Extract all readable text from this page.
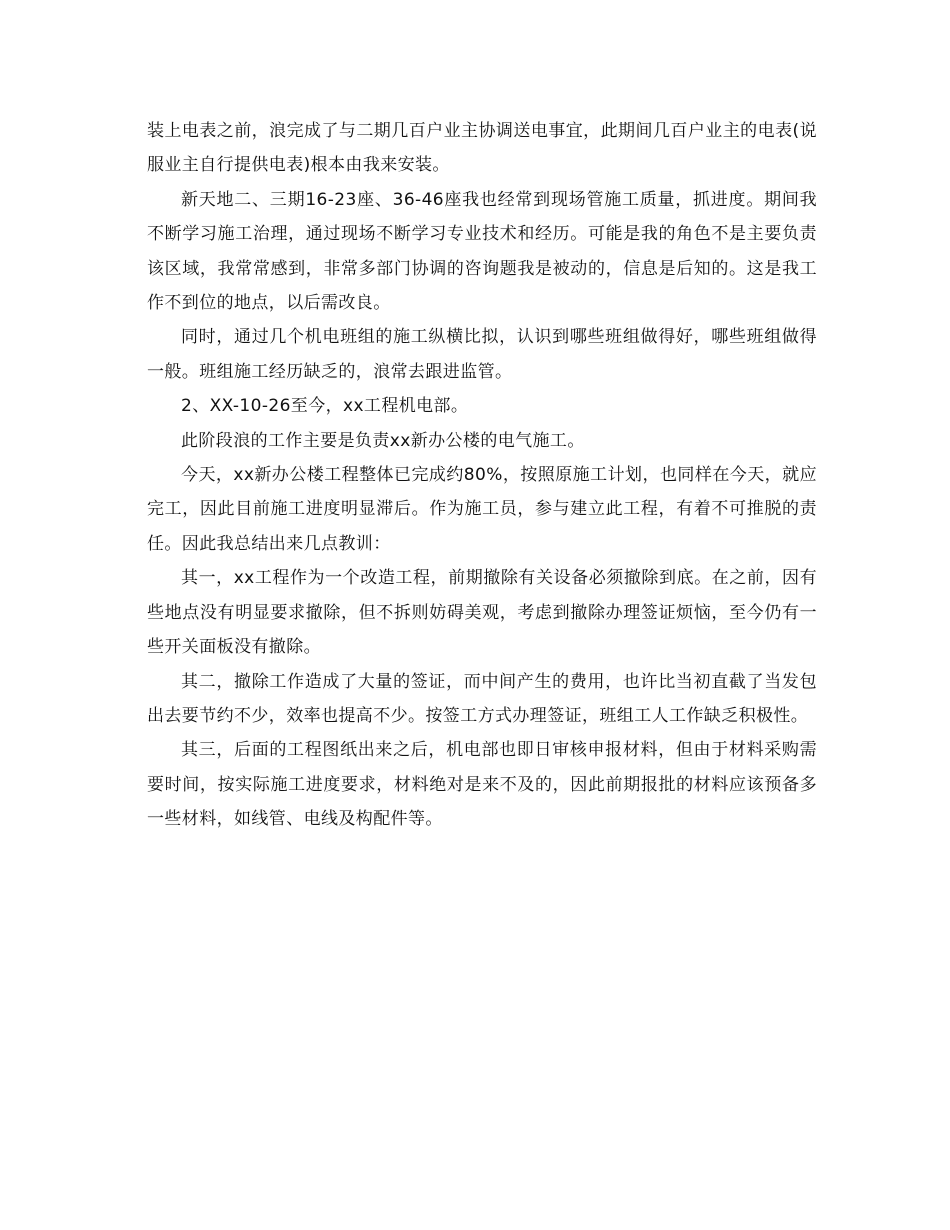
装上电表之前，浪完成了与二期几百户业主协调送电事宜，此期间几百户业主的电表(说服业主自行提供电表)根本由我来安装。

新天地二、三期16-23座、36-46座我也经常到现场管施工质量，抓进度。期间我不断学习施工治理，通过现场不断学习专业技术和经历。可能是我的角色不是主要负责该区域，我常常感到，非常多部门协调的咨询题我是被动的，信息是后知的。这是我工作不到位的地点，以后需改良。

同时，通过几个机电班组的施工纵横比拟，认识到哪些班组做得好，哪些班组做得一般。班组施工经历缺乏的，浪常去跟进监管。

2、XX-10-26至今，xx工程机电部。

此阶段浪的工作主要是负责xx新办公楼的电气施工。

今天，xx新办公楼工程整体已完成约80%，按照原施工计划，也同样在今天，就应完工，因此目前施工进度明显滞后。作为施工员，参与建立此工程，有着不可推脱的责任。因此我总结出来几点教训：

其一，xx工程作为一个改造工程，前期撤除有关设备必须撤除到底。在之前，因有些地点没有明显要求撤除，但不拆则妨碍美观，考虑到撤除办理签证烦恼，至今仍有一些开关面板没有撤除。

其二，撤除工作造成了大量的签证，而中间产生的费用，也许比当初直截了当发包出去要节约不少，效率也提高不少。按签工方式办理签证，班组工人工作缺乏积极性。

其三，后面的工程图纸出来之后，机电部也即日审核申报材料，但由于材料采购需要时间，按实际施工进度要求，材料绝对是来不及的，因此前期报批的材料应该预备多一些材料，如线管、电线及构配件等。
